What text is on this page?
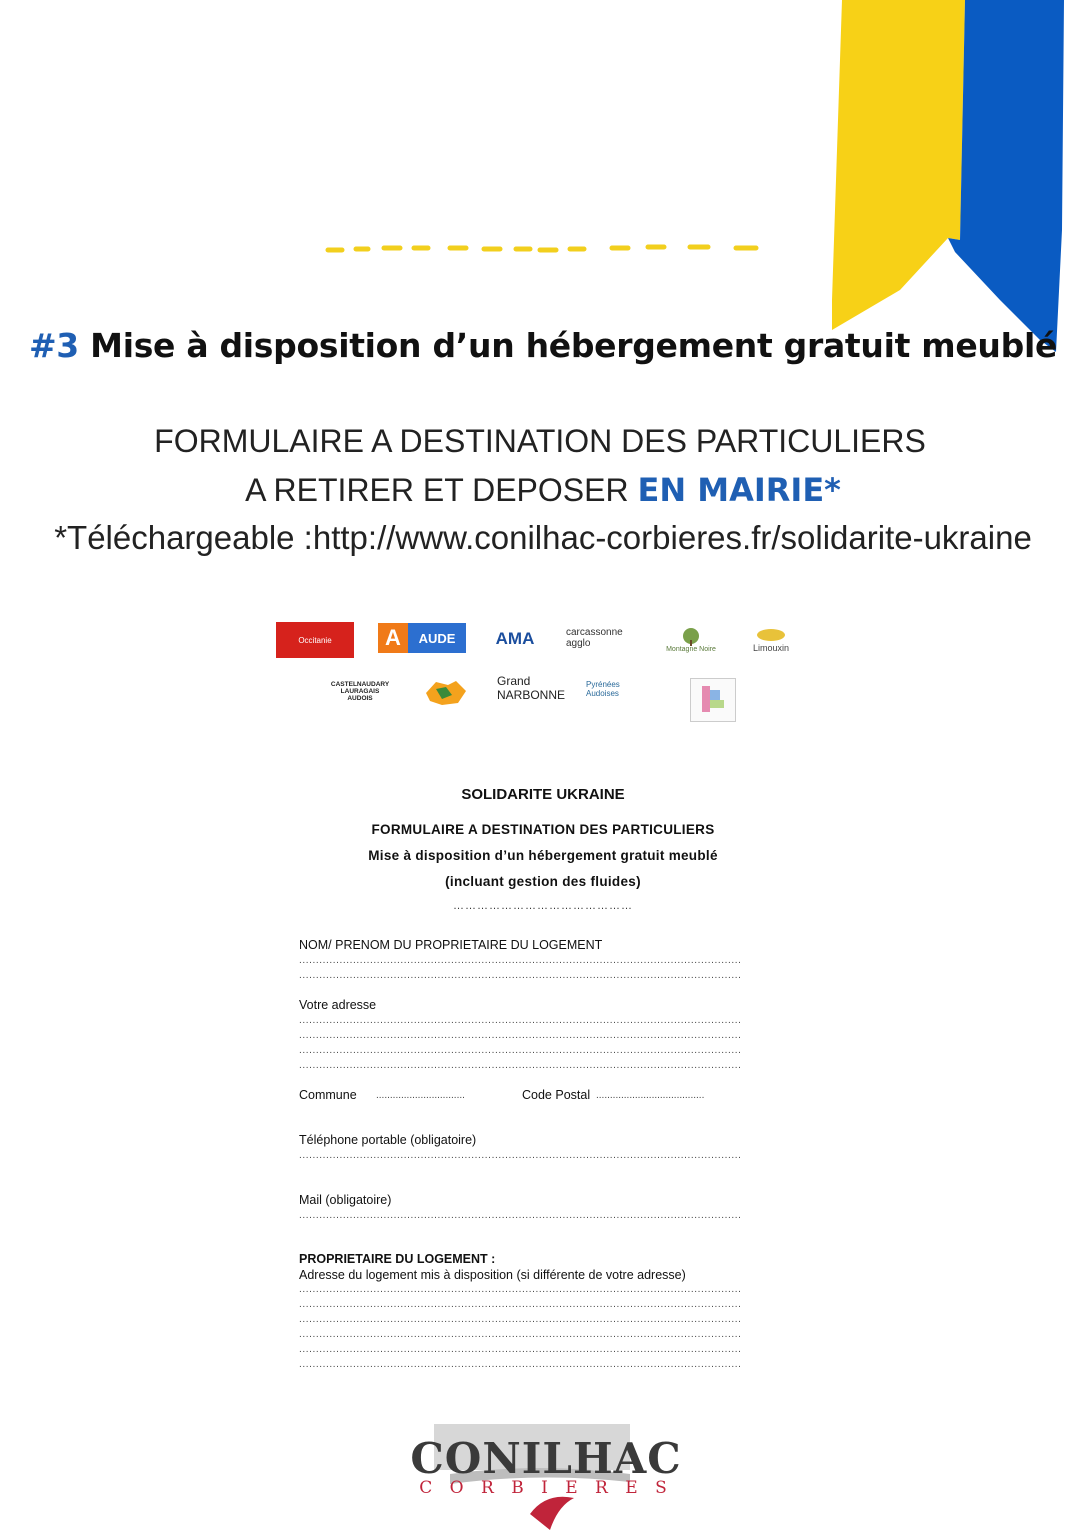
#3 Mise à disposition d’un hébergement gratuit meublé
FORMULAIRE A DESTINATION DES PARTICULIERS
A RETIRER ET DEPOSER EN MAIRIE*
*Téléchargeable :http://www.conilhac-corbieres.fr/solidarite-ukraine
Occitanie	A	AUDE	AMA	carcassonne agglo	Montagne Noire	Limouxin
CASTELNAUDARY LAURAGAIS AUDOIS
Grand NARBONNE
Pyrénées Audoises
SOLIDARITE UKRAINE
FORMULAIRE A DESTINATION DES PARTICULIERS
Mise à disposition d’un hébergement gratuit meublé
(incluant gestion des fluides)
………………………………………
NOM/ PRENOM DU PROPRIETAIRE DU LOGEMENT
...................................................................................................................................
...................................................................................................................................
Votre adresse
...................................................................................................................................
...................................................................................................................................
...................................................................................................................................
...................................................................................................................................
Commune ................................	Code Postal .......................................
Téléphone portable (obligatoire)
...................................................................................................................................
Mail (obligatoire)
...................................................................................................................................
PROPRIETAIRE DU LOGEMENT :
Adresse du logement mis à disposition (si différente de votre adresse)
...................................................................................................................................
...................................................................................................................................
...................................................................................................................................
...................................................................................................................................
...................................................................................................................................
...................................................................................................................................
CONILHAC
C O R B I E R E S
